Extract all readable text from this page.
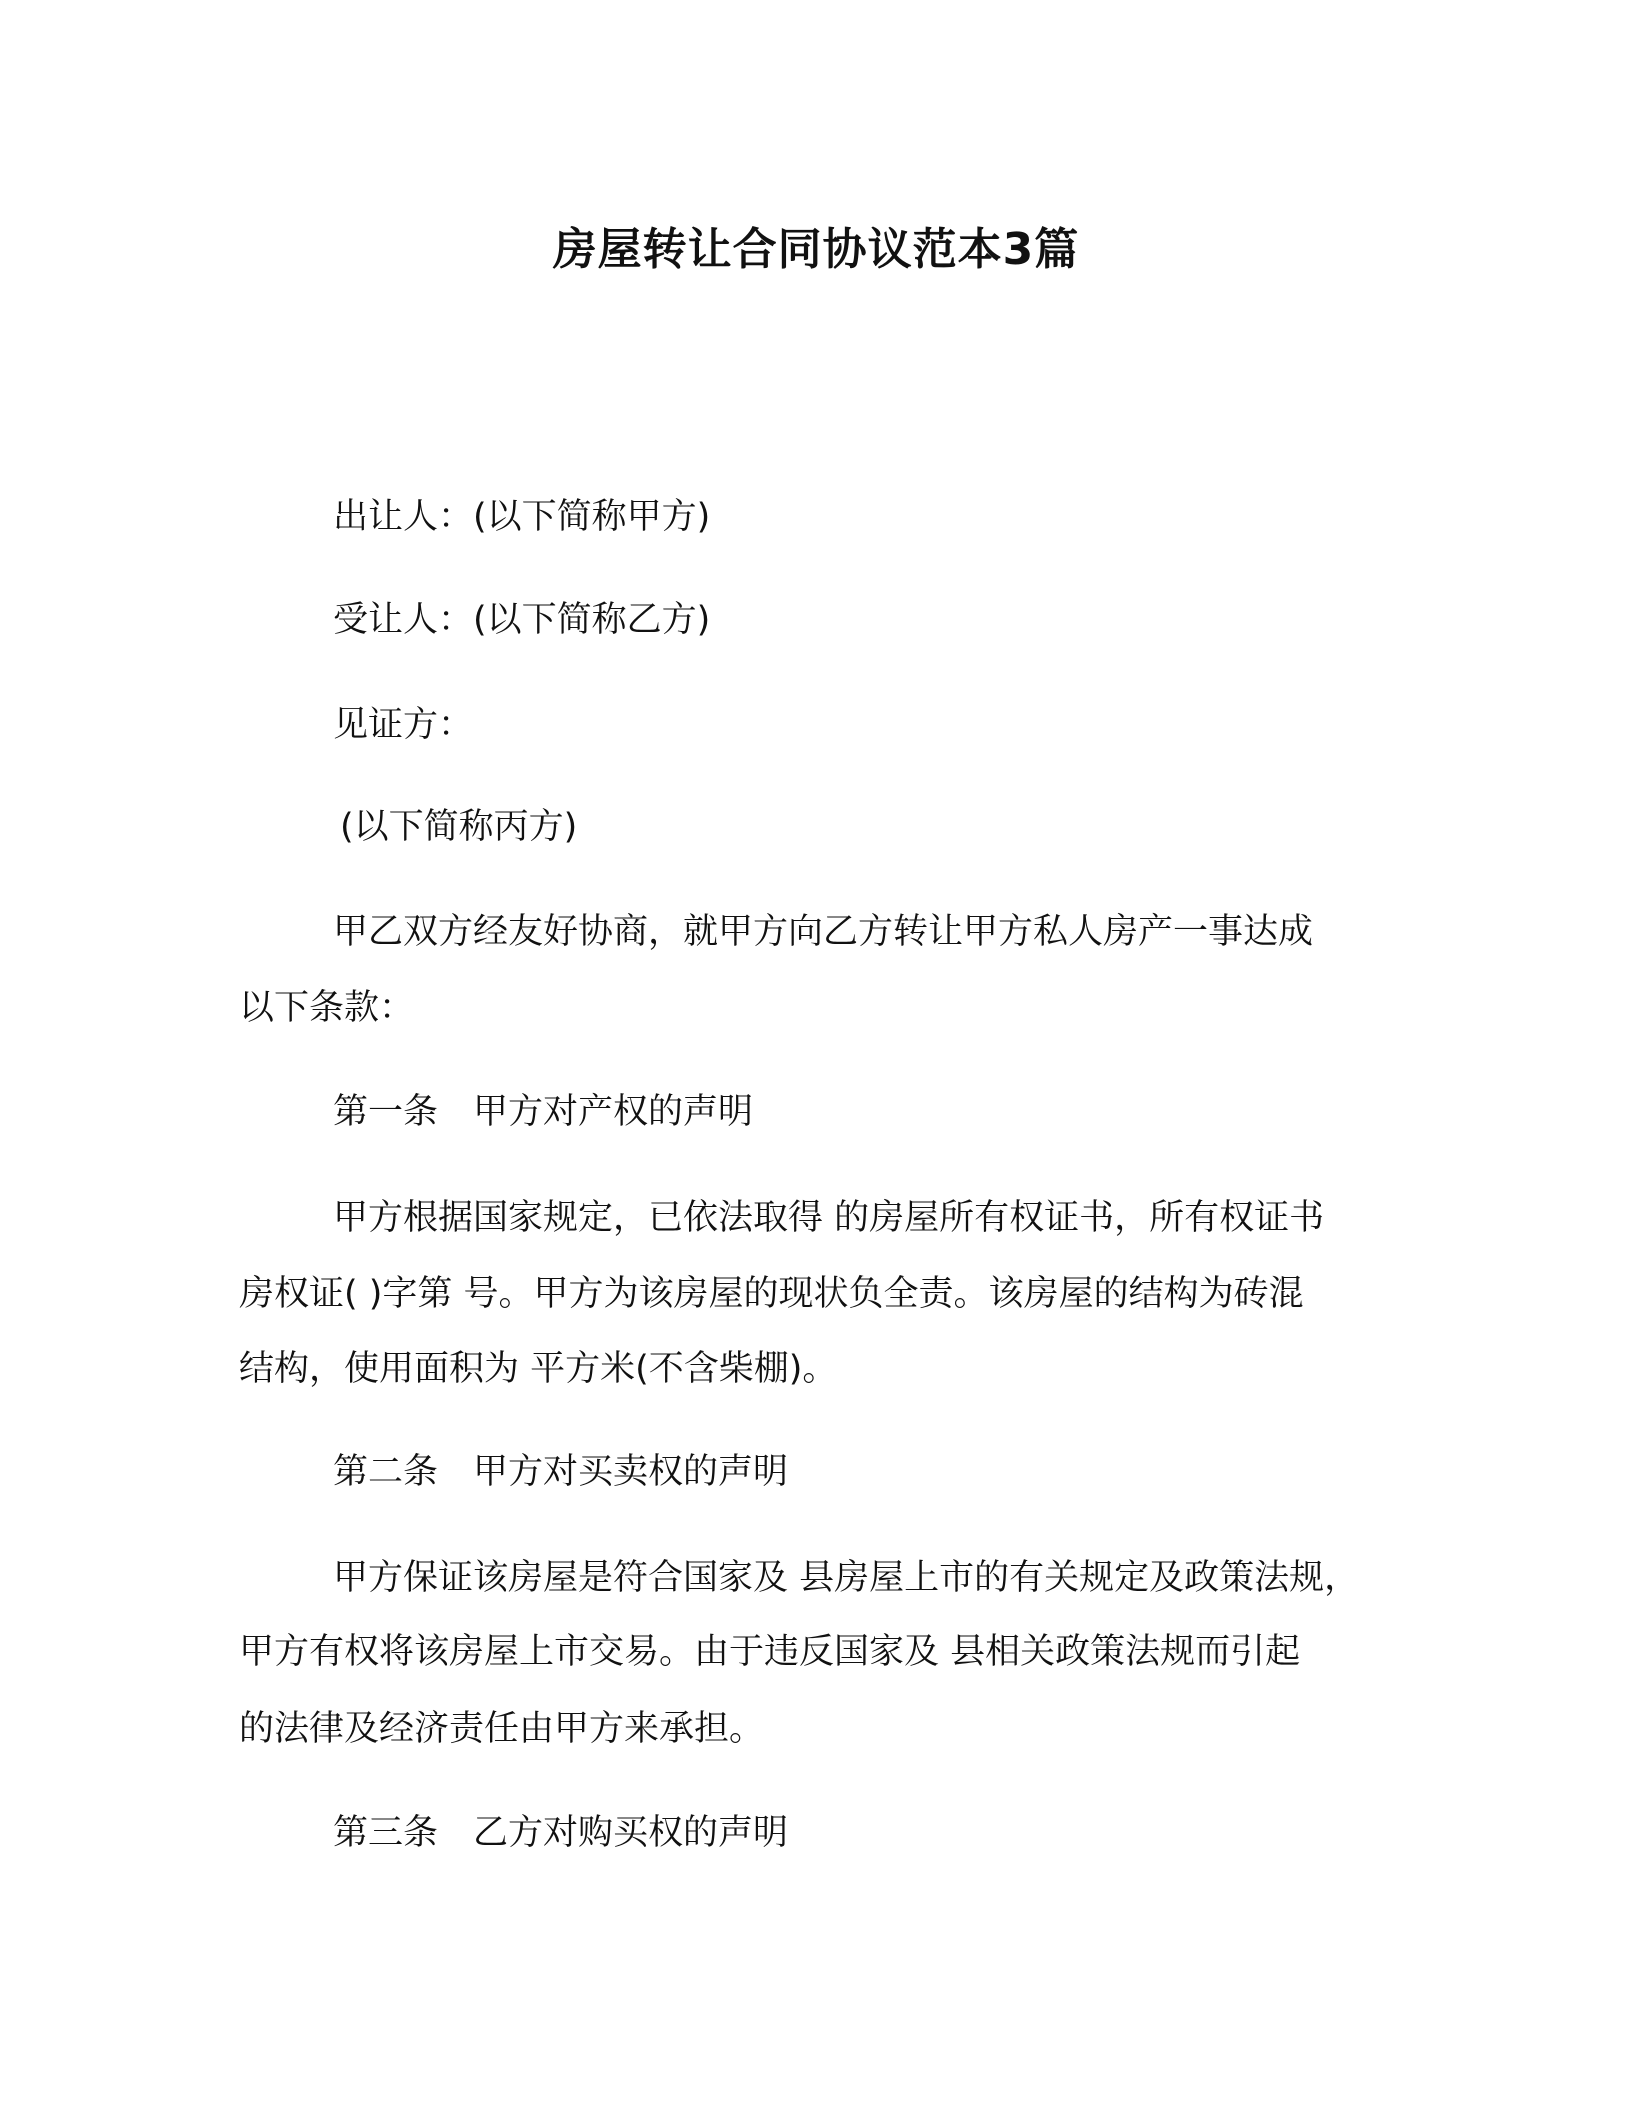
房屋转让合同协议范本3篇
出让人：(以下简称甲方)
受让人：(以下简称乙方)
见证方：
(以下简称丙方)
甲乙双方经友好协商，就甲方向乙方转让甲方私人房产一事达成
以下条款：
第一条　甲方对产权的声明
甲方根据国家规定，已依法取得 的房屋所有权证书，所有权证书
房权证( )字第 号。甲方为该房屋的现状负全责。该房屋的结构为砖混
结构，使用面积为 平方米(不含柴棚)。
第二条　甲方对买卖权的声明
甲方保证该房屋是符合国家及 县房屋上市的有关规定及政策法规，
甲方有权将该房屋上市交易。由于违反国家及 县相关政策法规而引起
的法律及经济责任由甲方来承担。
第三条　乙方对购买权的声明
